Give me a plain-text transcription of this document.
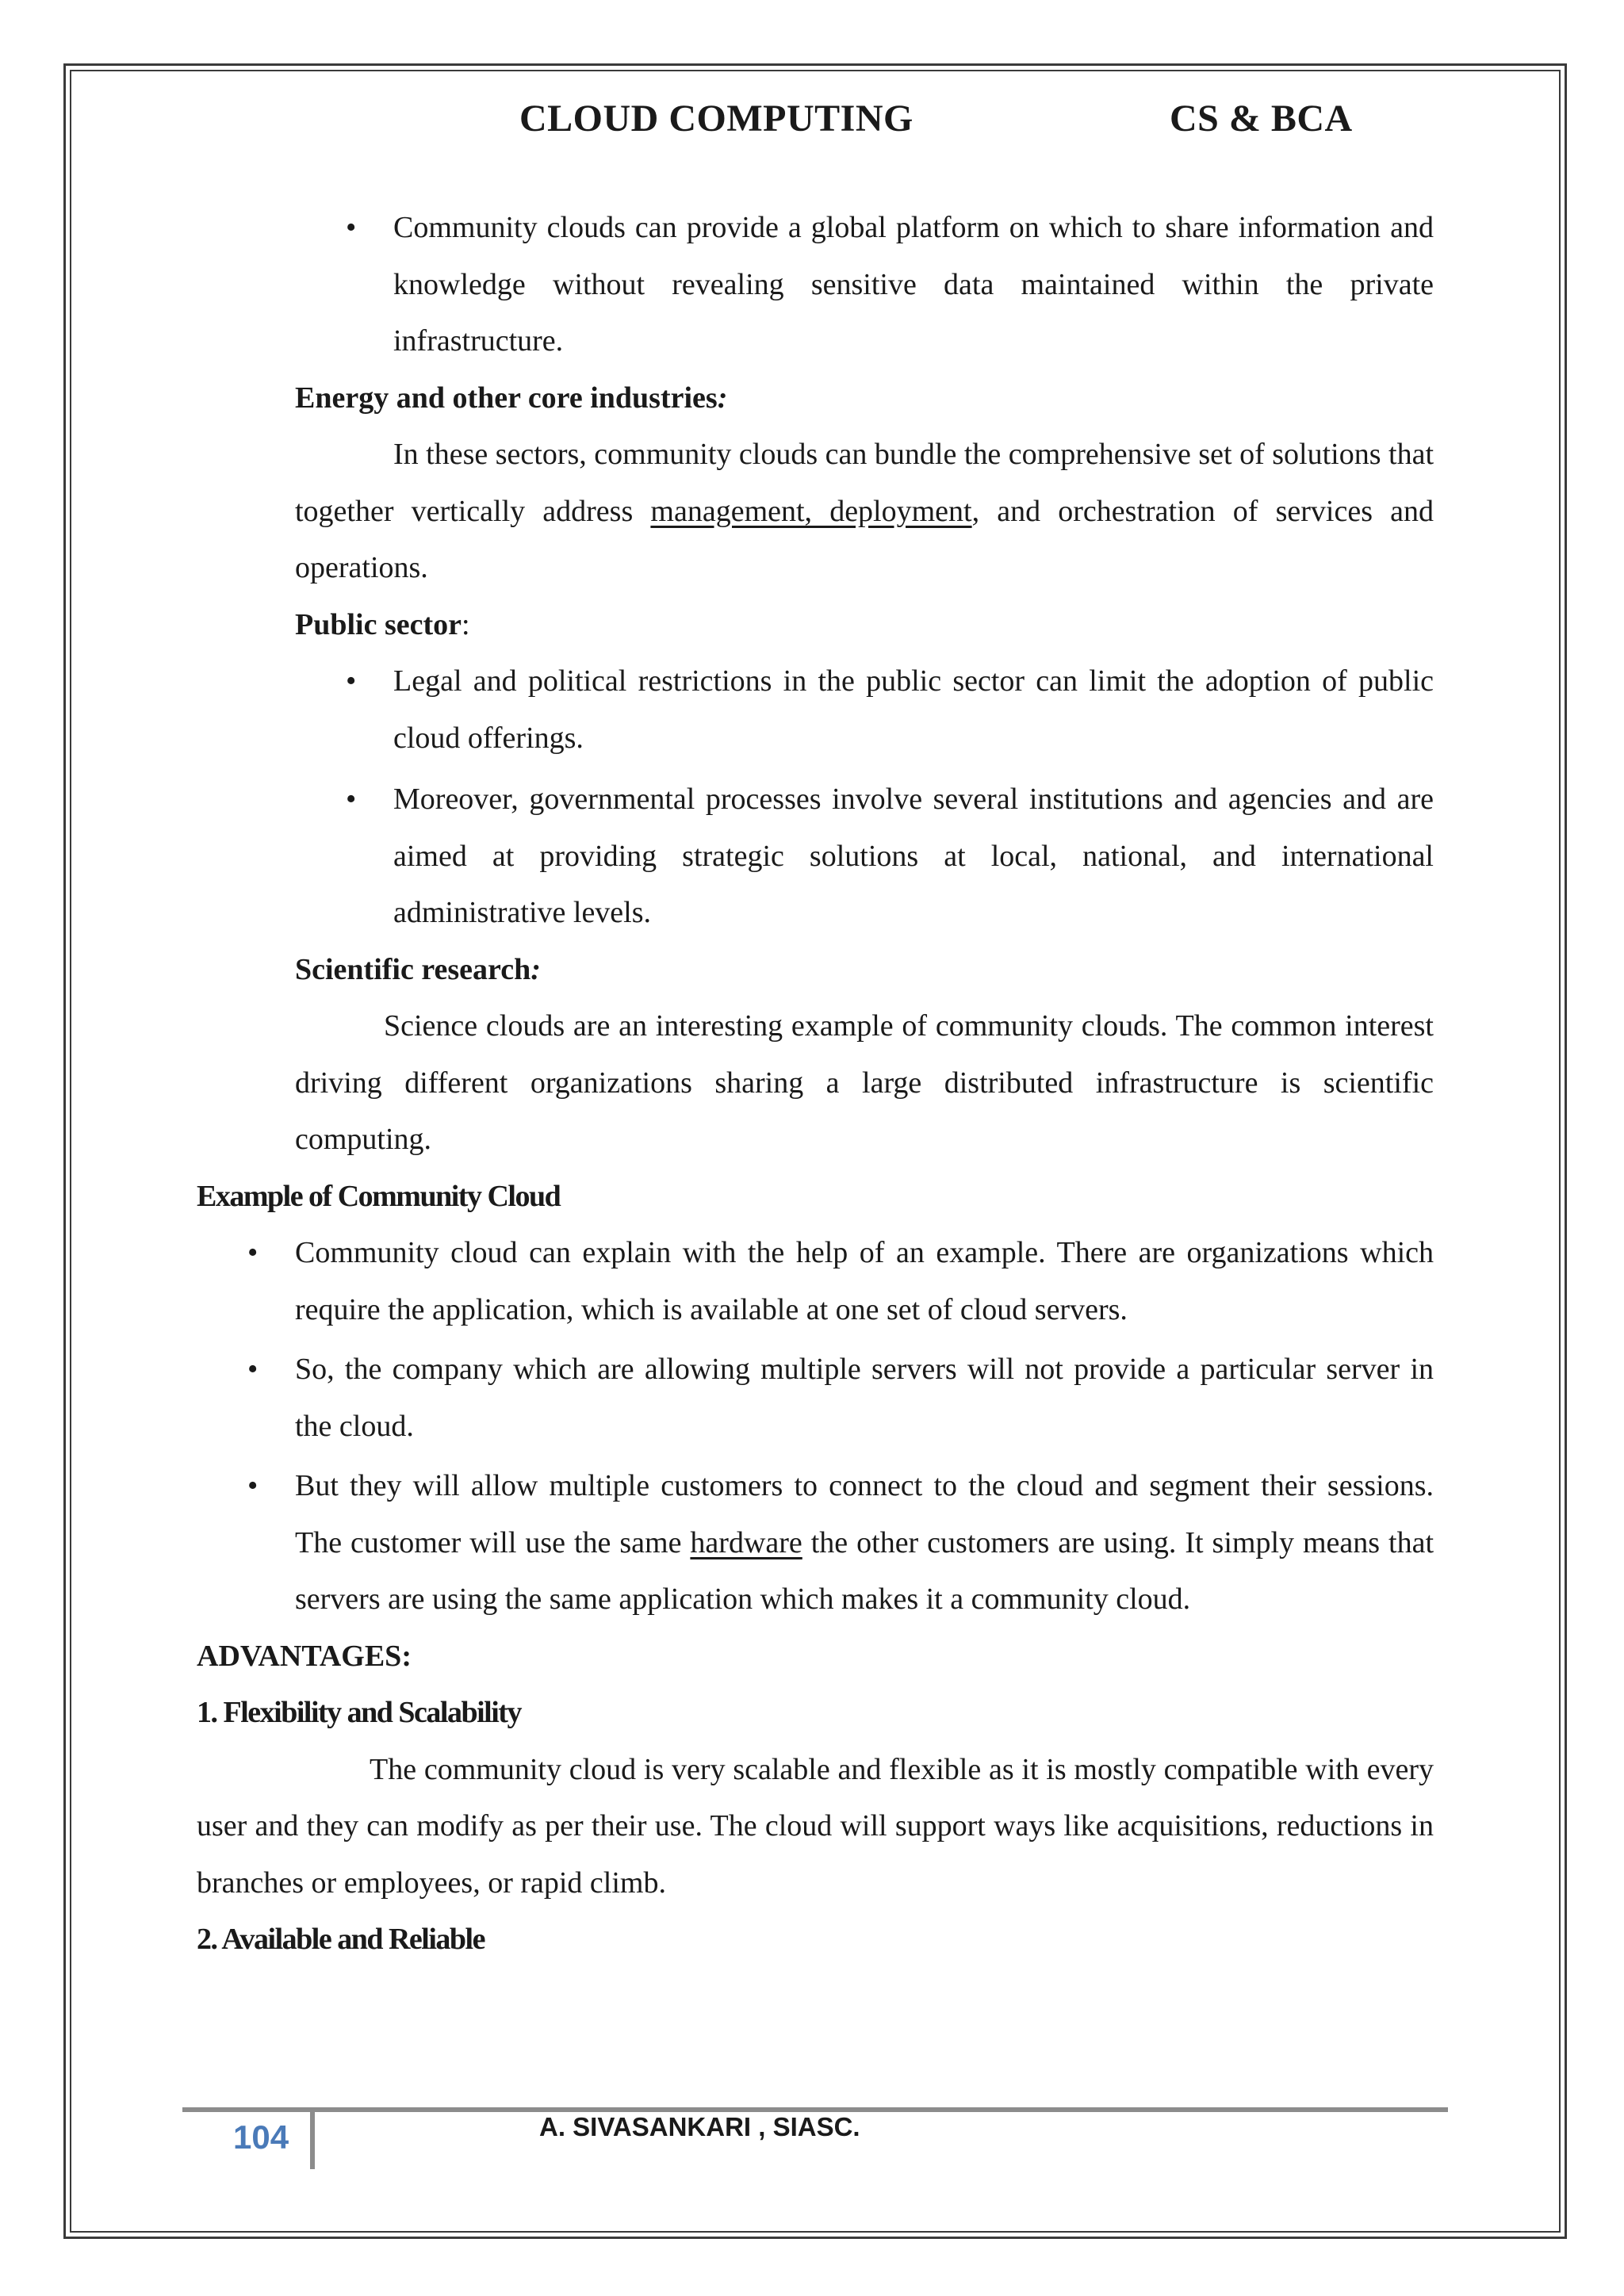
CLOUD COMPUTING	CS & BCA

• Community clouds can provide a global platform on which to share information and knowledge without revealing sensitive data maintained within the private infrastructure.

Energy and other core industries:

In these sectors, community clouds can bundle the comprehensive set of solutions that together vertically address management, deployment, and orchestration of services and operations.

Public sector:

• Legal and political restrictions in the public sector can limit the adoption of public cloud offerings.

• Moreover, governmental processes involve several institutions and agencies and are aimed at providing strategic solutions at local, national, and international administrative levels.

Scientific research:

Science clouds are an interesting example of community clouds. The common interest driving different organizations sharing a large distributed infrastructure is scientific computing.

Example of Community Cloud

• Community cloud can explain with the help of an example. There are organizations which require the application, which is available at one set of cloud servers.

• So, the company which are allowing multiple servers will not provide a particular server in the cloud.

• But they will allow multiple customers to connect to the cloud and segment their sessions. The customer will use the same hardware the other customers are using. It simply means that servers are using the same application which makes it a community cloud.

ADVANTAGES:

1. Flexibility and Scalability

The community cloud is very scalable and flexible as it is mostly compatible with every user and they can modify as per their use. The cloud will support ways like acquisitions, reductions in branches or employees, or rapid climb.

2. Available and Reliable

104	A. SIVASANKARI , SIASC.
